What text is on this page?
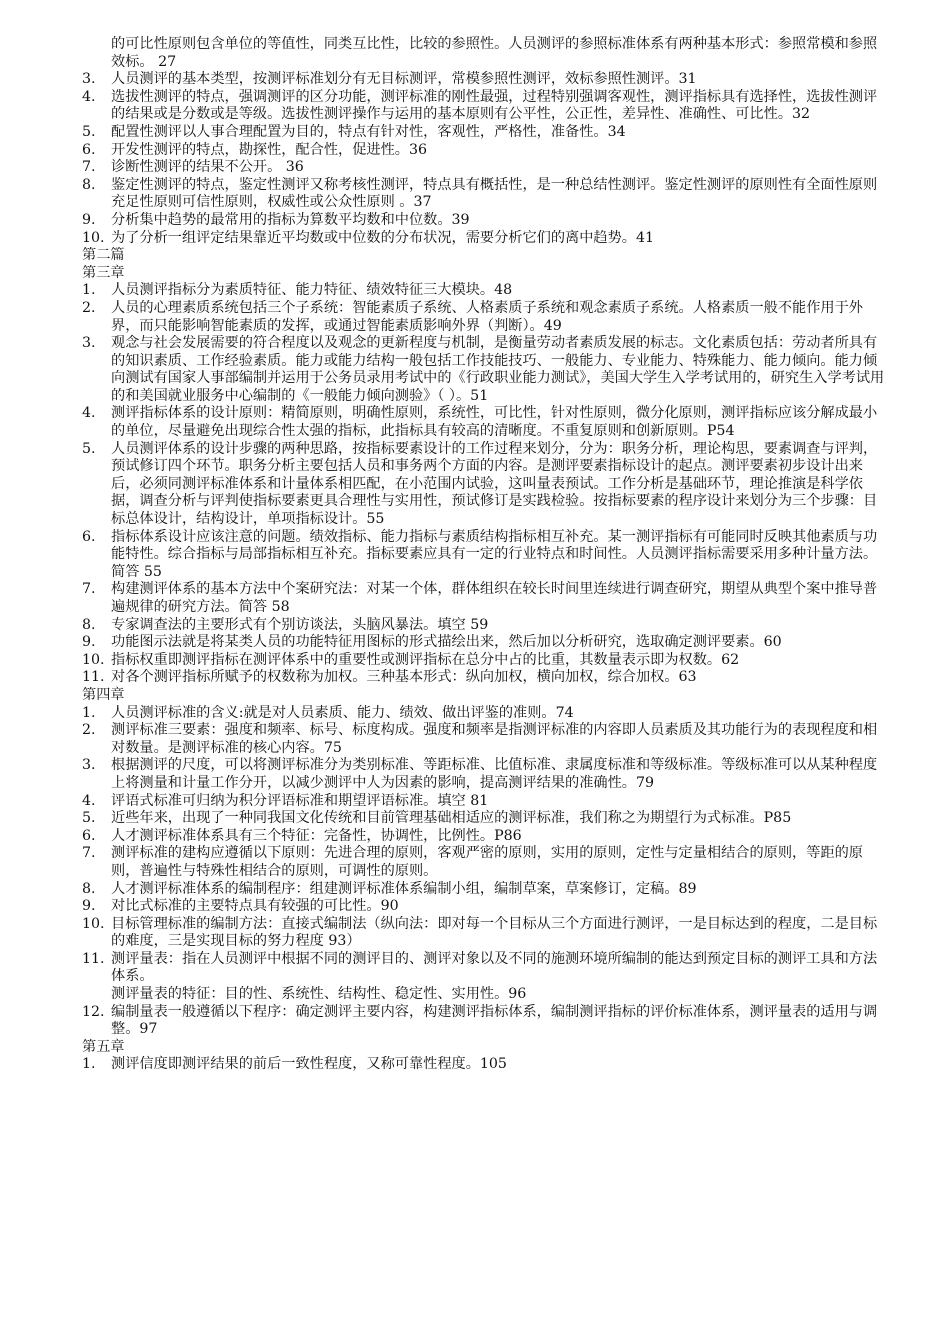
的可比性原则包含单位的等值性，同类互比性，比较的参照性。人员测评的参照标准体系有两种基本形式：参照常模和参照效标。 27
3. 人员测评的基本类型，按测评标准划分有无目标测评，常模参照性测评，效标参照性测评。31
4. 选拔性测评的特点，强调测评的区分功能，测评标准的刚性最强，过程特别强调客观性，测评指标具有选择性，选拔性测评的结果或是分数或是等级。选拔性测评操作与运用的基本原则有公平性，公正性，差异性、准确性、可比性。32
5. 配置性测评以人事合理配置为目的，特点有针对性，客观性，严格性，准备性。34
6. 开发性测评的特点，勘探性，配合性，促进性。36
7. 诊断性测评的结果不公开。 36
8. 鉴定性测评的特点，鉴定性测评又称考核性测评，特点具有概括性，是一种总结性测评。鉴定性测评的原则性有全面性原则充足性原则可信性原则，权威性或公众性原则 。37
9. 分析集中趋势的最常用的指标为算数平均数和中位数。39
10. 为了分析一组评定结果靠近平均数或中位数的分布状况，需要分析它们的离中趋势。41
第二篇
第三章
1. 人员测评指标分为素质特征、能力特征、绩效特征三大模块。48
2. 人员的心理素质系统包括三个子系统：智能素质子系统、人格素质子系统和观念素质子系统。人格素质一般不能作用于外界，而只能影响智能素质的发挥，或通过智能素质影响外界（判断）。49
3. 观念与社会发展需要的符合程度以及观念的更新程度与机制，是衡量劳动者素质发展的标志。文化素质包括：劳动者所具有的知识素质、工作经验素质。能力或能力结构一般包括工作技能技巧、一般能力、专业能力、特殊能力、能力倾向。能力倾向测试有国家人事部编制并运用于公务员录用考试中的《行政职业能力测试》，美国大学生入学考试用的，研究生入学考试用的和美国就业服务中心编制的《一般能力倾向测验》（ ）。51
4. 测评指标体系的设计原则：精简原则，明确性原则，系统性，可比性，针对性原则，微分化原则，测评指标应该分解成最小的单位，尽量避免出现综合性太强的指标，此指标具有较高的清晰度。不重复原则和创新原则。P54
5. 人员测评体系的设计步骤的两种思路，按指标要素设计的工作过程来划分，分为：职务分析，理论构思，要素调查与评判，预试修订四个环节。职务分析主要包括人员和事务两个方面的内容。是测评要素指标设计的起点。测评要素初步设计出来后，必须同测评标准体系和计量体系相匹配，在小范围内试验，这叫量表预试。工作分析是基础环节，理论推演是科学依据，调查分析与评判使指标要素更具合理性与实用性，预试修订是实践检验。按指标要素的程序设计来划分为三个步骤：目标总体设计，结构设计，单项指标设计。55
6. 指标体系设计应该注意的问题。绩效指标、能力指标与素质结构指标相互补充。某一测评指标有可能同时反映其他素质与功能特性。综合指标与局部指标相互补充。指标要素应具有一定的行业特点和时间性。人员测评指标需要采用多种计量方法。简答 55
7. 构建测评体系的基本方法中个案研究法：对某一个体，群体组织在较长时间里连续进行调查研究，期望从典型个案中推导普遍规律的研究方法。简答 58
8. 专家调查法的主要形式有个别访谈法，头脑风暴法。填空 59
9. 功能图示法就是将某类人员的功能特征用图标的形式描绘出来，然后加以分析研究，选取确定测评要素。60
10. 指标权重即测评指标在测评体系中的重要性或测评指标在总分中占的比重，其数量表示即为权数。62
11. 对各个测评指标所赋予的权数称为加权。三种基本形式：纵向加权，横向加权，综合加权。63
第四章
1. 人员测评标准的含义:就是对人员素质、能力、绩效、做出评鉴的准则。74
2. 测评标准三要素：强度和频率、标号、标度构成。强度和频率是指测评标准的内容即人员素质及其功能行为的表现程度和相对数量。是测评标准的核心内容。75
3. 根据测评的尺度，可以将测评标准分为类别标准、等距标准、比值标准、隶属度标准和等级标准。等级标准可以从某种程度上将测量和计量工作分开，以减少测评中人为因素的影响，提高测评结果的准确性。79
4. 评语式标准可归纳为积分评语标准和期望评语标准。填空 81
5. 近些年来，出现了一种同我国文化传统和目前管理基础相适应的测评标准，我们称之为期望行为式标准。P85
6. 人才测评标准体系具有三个特征：完备性，协调性，比例性。P86
7. 测评标准的建构应遵循以下原则：先进合理的原则，客观严密的原则，实用的原则，定性与定量相结合的原则，等距的原则，普遍性与特殊性相结合的原则，可调性的原则。
8. 人才测评标准体系的编制程序：组建测评标准体系编制小组，编制草案，草案修订，定稿。89
9. 对比式标准的主要特点具有较强的可比性。90
10. 目标管理标准的编制方法：直接式编制法（纵向法：即对每一个目标从三个方面进行测评，一是目标达到的程度，二是目标的难度，三是实现目标的努力程度 93）
11. 测评量表：指在人员测评中根据不同的测评目的、测评对象以及不同的施测环境所编制的能达到预定目标的测评工具和方法体系。
测评量表的特征：目的性、系统性、结构性、稳定性、实用性。96
12. 编制量表一般遵循以下程序：确定测评主要内容，构建测评指标体系，编制测评指标的评价标准体系，测评量表的适用与调整。97
第五章
1. 测评信度即测评结果的前后一致性程度，又称可靠性程度。105
